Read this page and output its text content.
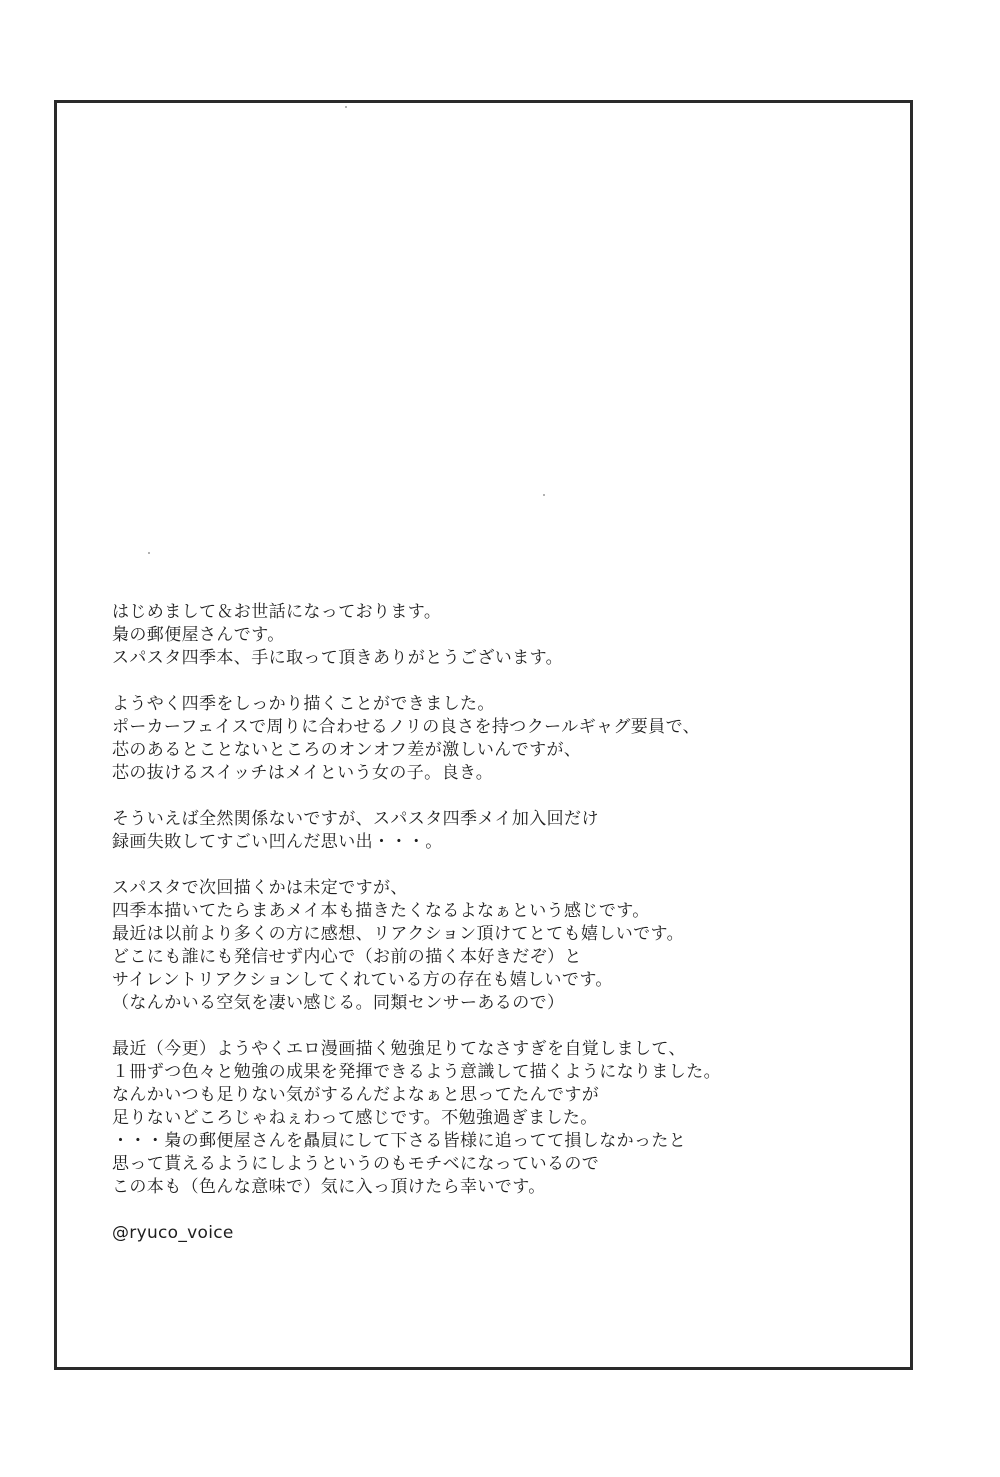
はじめまして＆お世話になっております。
梟の郵便屋さんです。
スパスタ四季本、手に取って頂きありがとうございます。
ようやく四季をしっかり描くことができました。
ポーカーフェイスで周りに合わせるノリの良さを持つクールギャグ要員で、
芯のあるとことないところのオンオフ差が激しいんですが、
芯の抜けるスイッチはメイという女の子。良き。
そういえば全然関係ないですが、スパスタ四季メイ加入回だけ
録画失敗してすごい凹んだ思い出・・・。
スパスタで次回描くかは未定ですが、
四季本描いてたらまあメイ本も描きたくなるよなぁという感じです。
最近は以前より多くの方に感想、リアクション頂けてとても嬉しいです。
どこにも誰にも発信せず内心で（お前の描く本好きだぞ）と
サイレントリアクションしてくれている方の存在も嬉しいです。
（なんかいる空気を凄い感じる。同類センサーあるので）
最近（今更）ようやくエロ漫画描く勉強足りてなさすぎを自覚しまして、
１冊ずつ色々と勉強の成果を発揮できるよう意識して描くようになりました。
なんかいつも足りない気がするんだよなぁと思ってたんですが
足りないどころじゃねぇわって感じです。不勉強過ぎました。
・・・梟の郵便屋さんを贔屓にして下さる皆様に追ってて損しなかったと
思って貰えるようにしようというのもモチベになっているので
この本も（色んな意味で）気に入っ頂けたら幸いです。
@ryuco_voice
